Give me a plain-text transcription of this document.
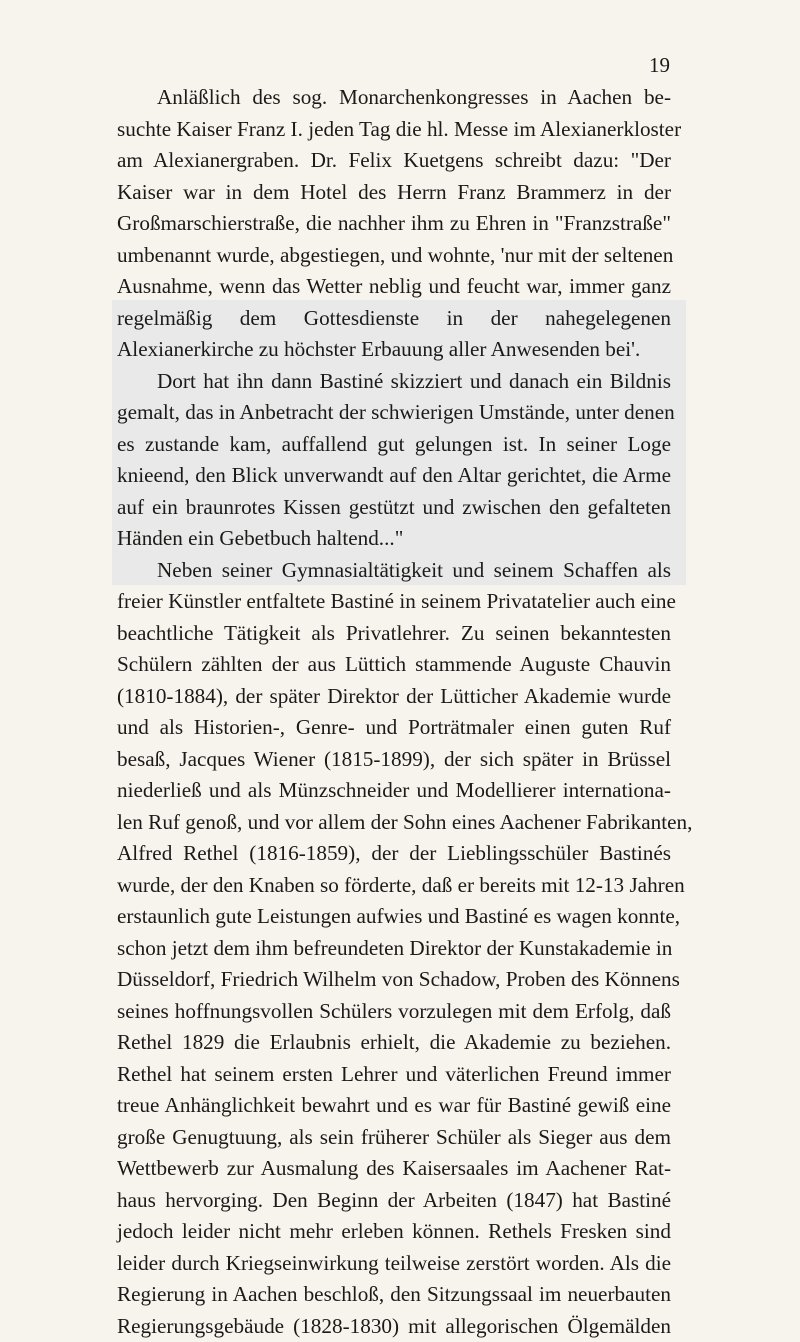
19
Anläßlich des sog. Monarchenkongresses in Aachen be-
suchte Kaiser Franz I. jeden Tag die hl. Messe im Alexianerkloster
am Alexianergraben. Dr. Felix Kuetgens schreibt dazu: "Der
Kaiser war in dem Hotel des Herrn Franz Brammerz in der
Großmarschierstraße, die nachher ihm zu Ehren in "Franzstraße"
umbenannt wurde, abgestiegen, und wohnte, 'nur mit der seltenen
Ausnahme, wenn das Wetter neblig und feucht war, immer ganz
regelmäßig dem Gottesdienste in der nahegelegenen
Alexianerkirche zu höchster Erbauung aller Anwesenden bei'.
Dort hat ihn dann Bastiné skizziert und danach ein Bildnis
gemalt, das in Anbetracht der schwierigen Umstände, unter denen
es zustande kam, auffallend gut gelungen ist. In seiner Loge
knieend, den Blick unverwandt auf den Altar gerichtet, die Arme
auf ein braunrotes Kissen gestützt und zwischen den gefalteten
Händen ein Gebetbuch haltend..."
Neben seiner Gymnasialtätigkeit und seinem Schaffen als
freier Künstler entfaltete Bastiné in seinem Privatatelier auch eine
beachtliche Tätigkeit als Privatlehrer. Zu seinen bekanntesten
Schülern zählten der aus Lüttich stammende Auguste Chauvin
(1810-1884), der später Direktor der Lütticher Akademie wurde
und als Historien-, Genre- und Porträtmaler einen guten Ruf
besaß, Jacques Wiener (1815-1899), der sich später in Brüssel
niederließ und als Münzschneider und Modellierer internationa-
len Ruf genoß, und vor allem der Sohn eines Aachener Fabrikanten,
Alfred Rethel (1816-1859), der der Lieblingsschüler Bastinés
wurde, der den Knaben so förderte, daß er bereits mit 12-13 Jahren
erstaunlich gute Leistungen aufwies und Bastiné es wagen konnte,
schon jetzt dem ihm befreundeten Direktor der Kunstakademie in
Düsseldorf, Friedrich Wilhelm von Schadow, Proben des Könnens
seines hoffnungsvollen Schülers vorzulegen mit dem Erfolg, daß
Rethel 1829 die Erlaubnis erhielt, die Akademie zu beziehen.
Rethel hat seinem ersten Lehrer und väterlichen Freund immer
treue Anhänglichkeit bewahrt und es war für Bastiné gewiß eine
große Genugtuung, als sein früherer Schüler als Sieger aus dem
Wettbewerb zur Ausmalung des Kaisersaales im Aachener Rat-
haus hervorging. Den Beginn der Arbeiten (1847) hat Bastiné
jedoch leider nicht mehr erleben können. Rethels Fresken sind
leider durch Kriegseinwirkung teilweise zerstört worden. Als die
Regierung in Aachen beschloß, den Sitzungssaal im neuerbauten
Regierungsgebäude (1828-1830) mit allegorischen Ölgemälden
